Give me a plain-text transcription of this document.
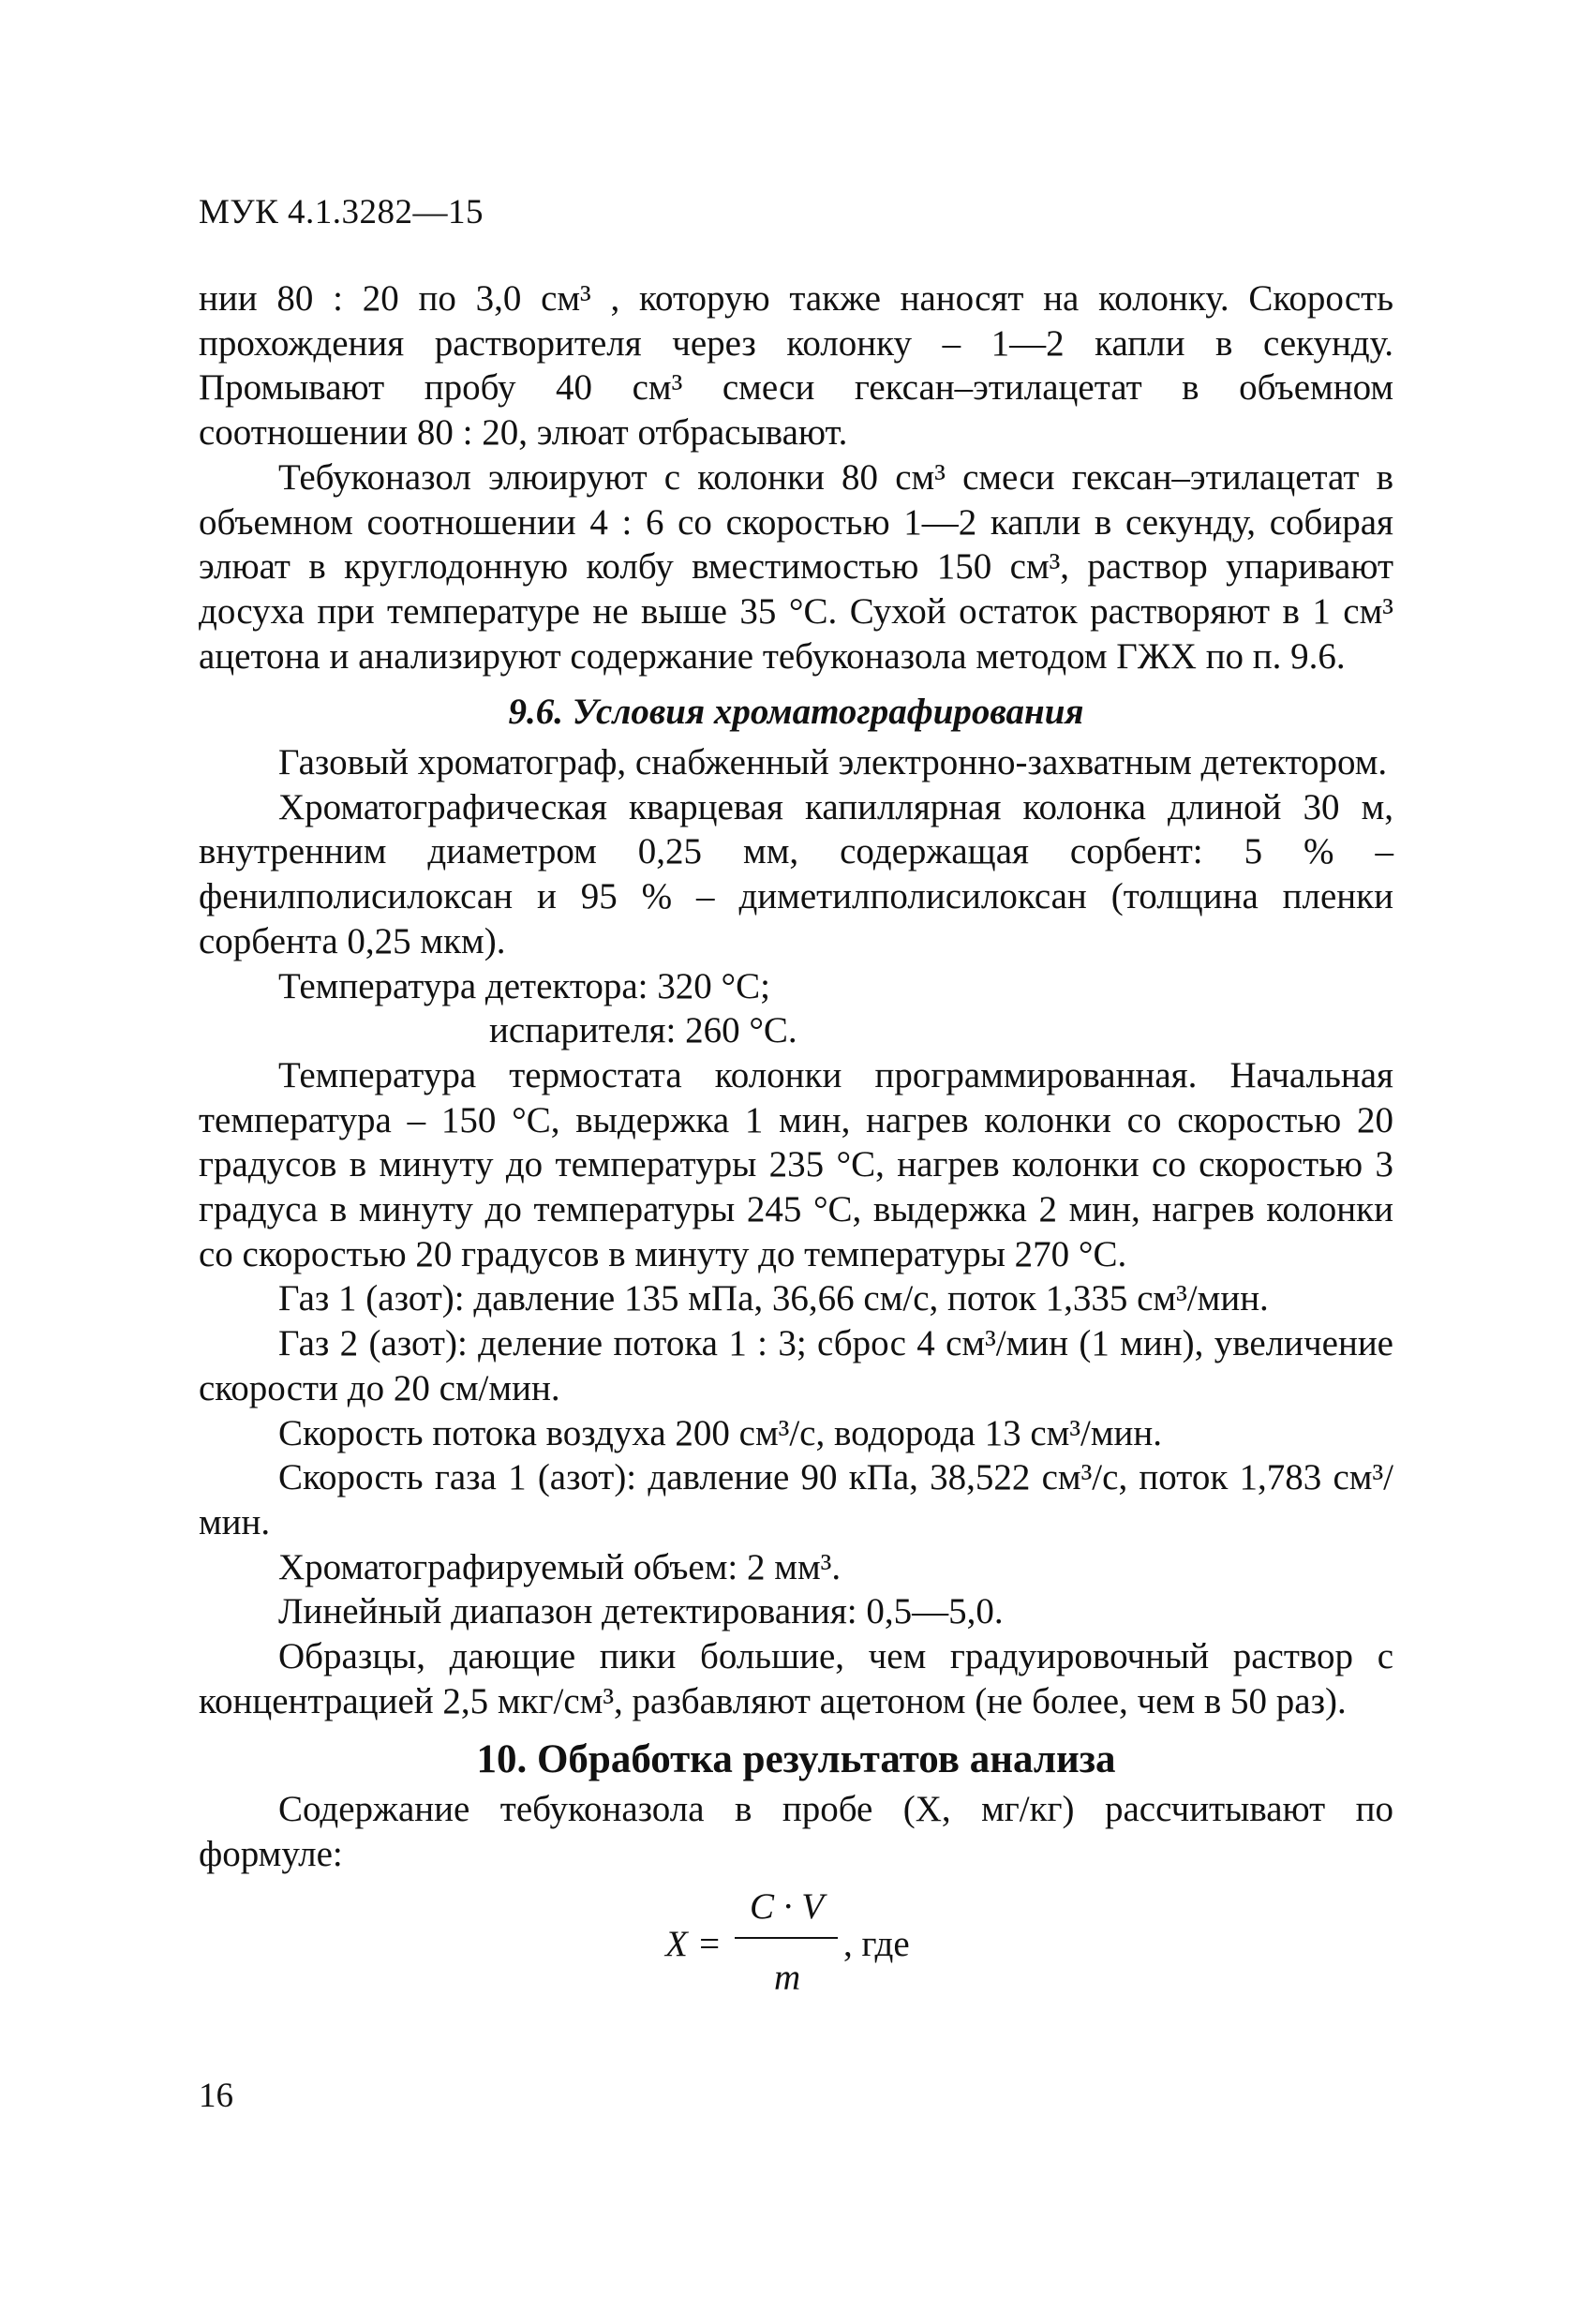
МУК 4.1.3282—15

нии 80 : 20 по 3,0 см³ , которую также наносят на колонку. Скорость прохождения растворителя через колонку – 1—2 капли в секунду. Промывают пробу 40 см³ смеси гексан–этилацетат в объемном соотношении 80 : 20, элюат отбрасывают.

Тебуконазол элюируют с колонки 80 см³ смеси гексан–этилацетат в объемном соотношении 4 : 6 со скоростью 1—2 капли в секунду, собирая элюат в круглодонную колбу вместимостью 150 см³, раствор упаривают досуха при температуре не выше 35 °С. Сухой остаток растворяют в 1 см³ ацетона и анализируют содержание тебуконазола методом ГЖХ по п. 9.6.

9.6. Условия хроматографирования

Газовый хроматограф, снабженный электронно-захватным детектором.

Хроматографическая кварцевая капиллярная колонка длиной 30 м, внутренним диаметром 0,25 мм, содержащая сорбент: 5 % – фенилполисилоксан и 95 % – диметилполисилоксан (толщина пленки сорбента 0,25 мкм).

Температура детектора: 320 °С;

испарителя: 260 °С.

Температура термостата колонки программированная. Начальная температура – 150 °С, выдержка 1 мин, нагрев колонки со скоростью 20 градусов в минуту до температуры 235 °С, нагрев колонки со скоростью 3 градуса в минуту до температуры 245 °С, выдержка 2 мин, нагрев колонки со скоростью 20 градусов в минуту до температуры 270 °С.

Газ 1 (азот): давление 135 мПа, 36,66 см/с, поток 1,335 см³/мин.

Газ 2 (азот): деление потока 1 : 3; сброс 4 см³/мин (1 мин), увеличение скорости до 20 см/мин.

Скорость потока воздуха 200 см³/с, водорода 13 см³/мин.

Скорость газа 1 (азот): давление 90 кПа, 38,522 см³/с, поток 1,783 см³/мин.

Хроматографируемый объем: 2 мм³.

Линейный диапазон детектирования: 0,5—5,0.

Образцы, дающие пики большие, чем градуировочный раствор с концентрацией 2,5 мкг/см³, разбавляют ацетоном (не более, чем в 50 раз).

10. Обработка результатов анализа

Содержание тебуконазола в пробе (X, мг/кг) рассчитывают по формуле:

X =
C · V
m
, где
16
